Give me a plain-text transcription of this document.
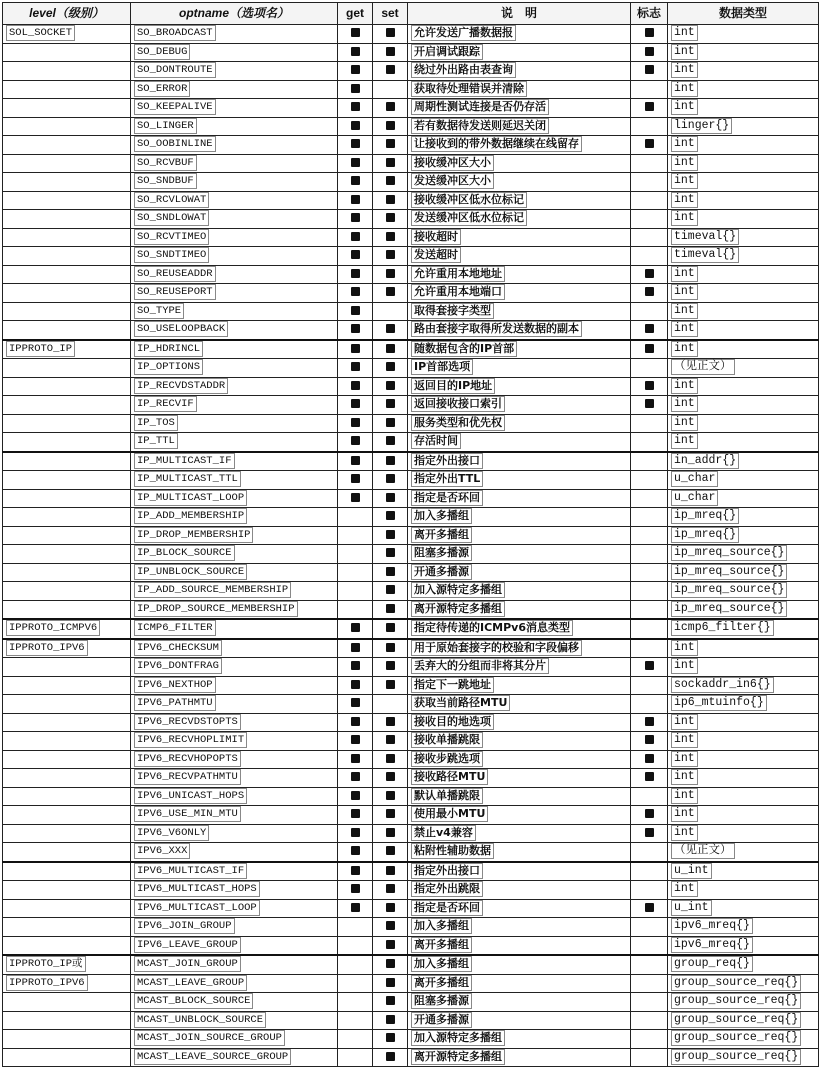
level（级别）	optname（选项名）	get	set	说　明	标志	数据类型
SOL_SOCKET	SO_BROADCAST			允许发送广播数据报		int
	SO_DEBUG			开启调试跟踪		int
	SO_DONTROUTE			绕过外出路由表查询		int
	SO_ERROR			获取待处理错误并清除		int
	SO_KEEPALIVE			周期性测试连接是否仍存活		int
	SO_LINGER			若有数据待发送则延迟关闭		linger{}
	SO_OOBINLINE			让接收到的带外数据继续在线留存		int
	SO_RCVBUF			接收缓冲区大小		int
	SO_SNDBUF			发送缓冲区大小		int
	SO_RCVLOWAT			接收缓冲区低水位标记		int
	SO_SNDLOWAT			发送缓冲区低水位标记		int
	SO_RCVTIMEO			接收超时		timeval{}
	SO_SNDTIMEO			发送超时		timeval{}
	SO_REUSEADDR			允许重用本地地址		int
	SO_REUSEPORT			允许重用本地端口		int
	SO_TYPE			取得套接字类型		int
	SO_USELOOPBACK			路由套接字取得所发送数据的副本		int
IPPROTO_IP	IP_HDRINCL			随数据包含的IP首部		int
	IP_OPTIONS			IP首部选项		（见正文）
	IP_RECVDSTADDR			返回目的IP地址		int
	IP_RECVIF			返回接收接口索引		int
	IP_TOS			服务类型和优先权		int
	IP_TTL			存活时间		int
	IP_MULTICAST_IF			指定外出接口		in_addr{}
	IP_MULTICAST_TTL			指定外出TTL		u_char
	IP_MULTICAST_LOOP			指定是否环回		u_char
	IP_ADD_MEMBERSHIP			加入多播组		ip_mreq{}
	IP_DROP_MEMBERSHIP			离开多播组		ip_mreq{}
	IP_BLOCK_SOURCE			阻塞多播源		ip_mreq_source{}
	IP_UNBLOCK_SOURCE			开通多播源		ip_mreq_source{}
	IP_ADD_SOURCE_MEMBERSHIP			加入源特定多播组		ip_mreq_source{}
	IP_DROP_SOURCE_MEMBERSHIP			离开源特定多播组		ip_mreq_source{}
IPPROTO_ICMPV6	ICMP6_FILTER			指定待传递的ICMPv6消息类型		icmp6_filter{}
IPPROTO_IPV6	IPV6_CHECKSUM			用于原始套接字的校验和字段偏移		int
	IPV6_DONTFRAG			丢弃大的分组而非将其分片		int
	IPV6_NEXTHOP			指定下一跳地址		sockaddr_in6{}
	IPV6_PATHMTU			获取当前路径MTU		ip6_mtuinfo{}
	IPV6_RECVDSTOPTS			接收目的地选项		int
	IPV6_RECVHOPLIMIT			接收单播跳限		int
	IPV6_RECVHOPOPTS			接收步跳选项		int
	IPV6_RECVPATHMTU			接收路径MTU		int
	IPV6_UNICAST_HOPS			默认单播跳限		int
	IPV6_USE_MIN_MTU			使用最小MTU		int
	IPV6_V6ONLY			禁止v4兼容		int
	IPV6_XXX			粘附性辅助数据		（见正文）
	IPV6_MULTICAST_IF			指定外出接口		u_int
	IPV6_MULTICAST_HOPS			指定外出跳限		int
	IPV6_MULTICAST_LOOP			指定是否环回		u_int
	IPV6_JOIN_GROUP			加入多播组		ipv6_mreq{}
	IPV6_LEAVE_GROUP			离开多播组		ipv6_mreq{}
IPPROTO_IP或	MCAST_JOIN_GROUP			加入多播组		group_req{}
IPPROTO_IPV6	MCAST_LEAVE_GROUP			离开多播组		group_source_req{}
	MCAST_BLOCK_SOURCE			阻塞多播源		group_source_req{}
	MCAST_UNBLOCK_SOURCE			开通多播源		group_source_req{}
	MCAST_JOIN_SOURCE_GROUP			加入源特定多播组		group_source_req{}
	MCAST_LEAVE_SOURCE_GROUP			离开源特定多播组		group_source_req{}
